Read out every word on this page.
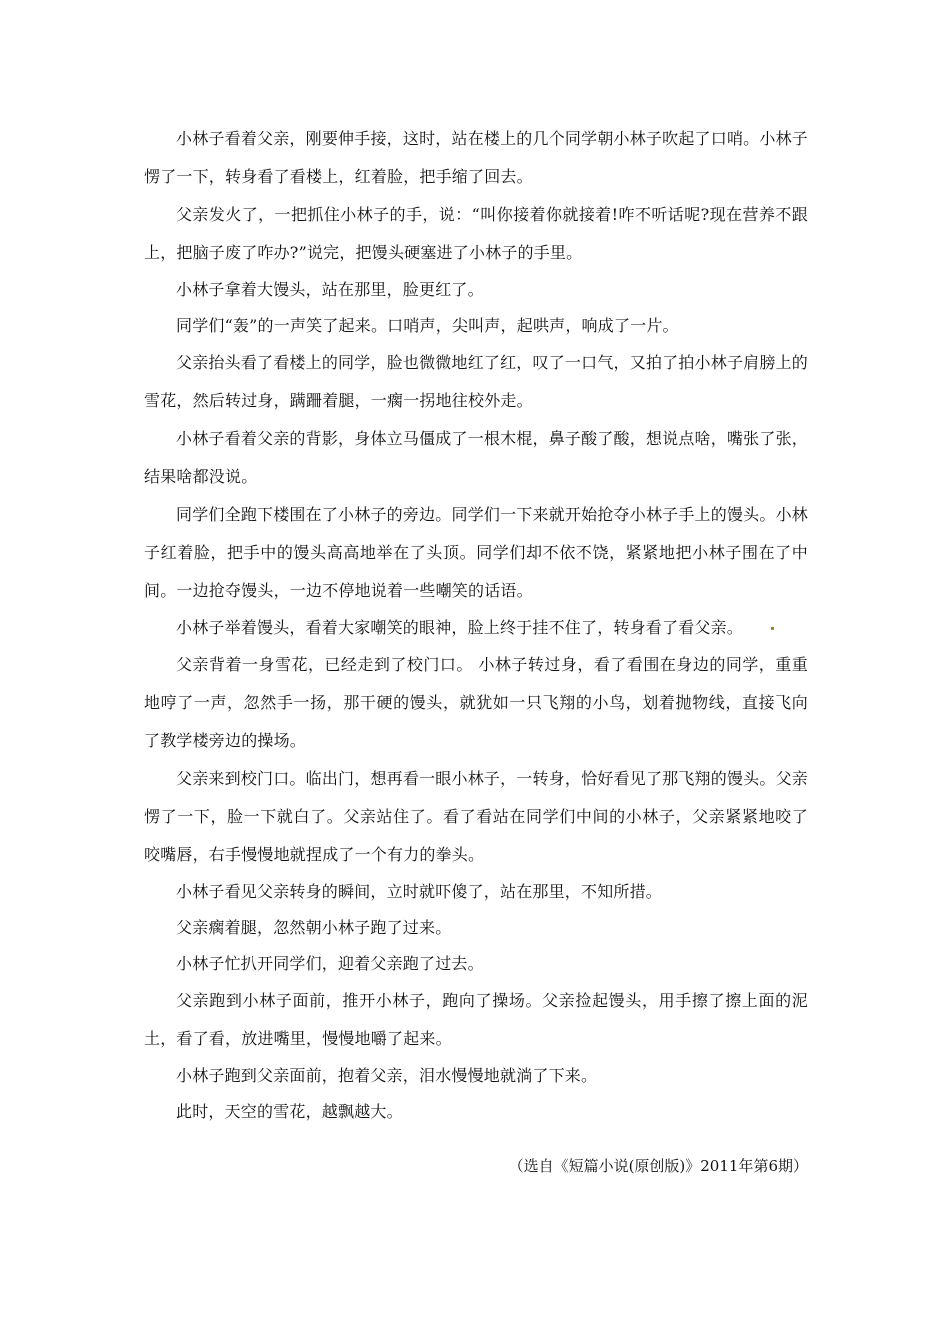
小林子看着父亲，刚要伸手接，这时，站在楼上的几个同学朝小林子吹起了口哨。小林子愣了一下，转身看了看楼上，红着脸，把手缩了回去。

父亲发火了，一把抓住小林子的手，说：“叫你接着你就接着!咋不听话呢?现在营养不跟上，把脑子废了咋办?”说完，把馒头硬塞进了小林子的手里。

小林子拿着大馒头，站在那里，脸更红了。

同学们“轰”的一声笑了起来。口哨声，尖叫声，起哄声，响成了一片。

父亲抬头看了看楼上的同学，脸也微微地红了红，叹了一口气，又拍了拍小林子肩膀上的雪花，然后转过身，蹒跚着腿，一瘸一拐地往校外走。

小林子看着父亲的背影，身体立马僵成了一根木棍，鼻子酸了酸，想说点啥，嘴张了张，结果啥都没说。

同学们全跑下楼围在了小林子的旁边。同学们一下来就开始抢夺小林子手上的馒头。小林子红着脸，把手中的馒头高高地举在了头顶。同学们却不依不饶，紧紧地把小林子围在了中间。一边抢夺馒头，一边不停地说着一些嘲笑的话语。

小林子举着馒头，看着大家嘲笑的眼神，脸上终于挂不住了，转身看了看父亲。

父亲背着一身雪花，已经走到了校门口。 小林子转过身，看了看围在身边的同学，重重地哼了一声，忽然手一扬，那干硬的馒头，就犹如一只飞翔的小鸟，划着抛物线，直接飞向了教学楼旁边的操场。

父亲来到校门口。临出门，想再看一眼小林子，一转身，恰好看见了那飞翔的馒头。父亲愣了一下，脸一下就白了。父亲站住了。看了看站在同学们中间的小林子，父亲紧紧地咬了咬嘴唇，右手慢慢地就捏成了一个有力的拳头。

小林子看见父亲转身的瞬间，立时就吓傻了，站在那里，不知所措。

父亲瘸着腿，忽然朝小林子跑了过来。

小林子忙扒开同学们，迎着父亲跑了过去。

父亲跑到小林子面前，推开小林子，跑向了操场。父亲捡起馒头，用手擦了擦上面的泥土，看了看，放进嘴里，慢慢地嚼了起来。

小林子跑到父亲面前，抱着父亲，泪水慢慢地就淌了下来。

此时，天空的雪花，越飘越大。

（选自《短篇小说(原创版)》2011年第6期）
